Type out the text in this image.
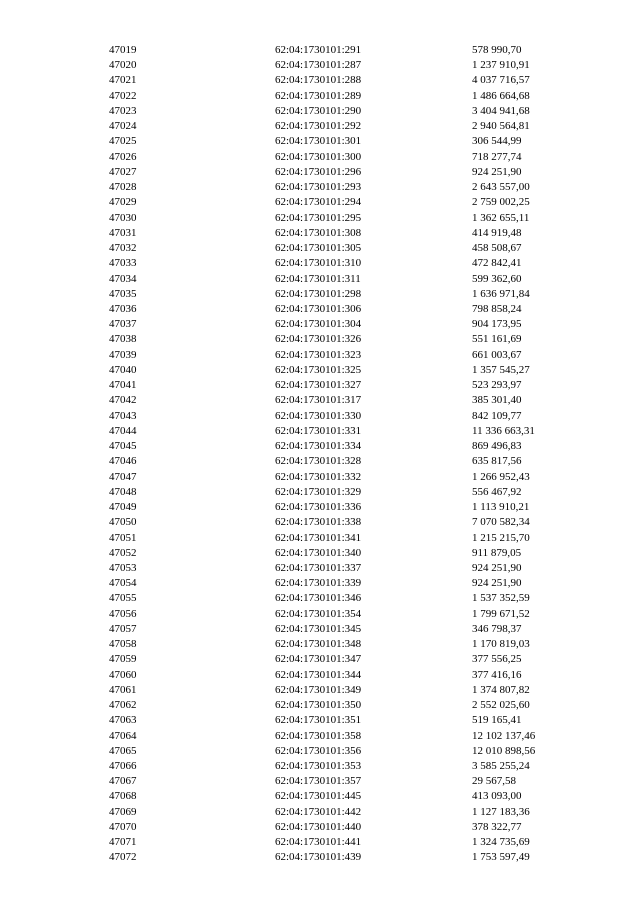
47019	62:04:1730101:291	578 990,70
47020	62:04:1730101:287	1 237 910,91
47021	62:04:1730101:288	4 037 716,57
47022	62:04:1730101:289	1 486 664,68
47023	62:04:1730101:290	3 404 941,68
47024	62:04:1730101:292	2 940 564,81
47025	62:04:1730101:301	306 544,99
47026	62:04:1730101:300	718 277,74
47027	62:04:1730101:296	924 251,90
47028	62:04:1730101:293	2 643 557,00
47029	62:04:1730101:294	2 759 002,25
47030	62:04:1730101:295	1 362 655,11
47031	62:04:1730101:308	414 919,48
47032	62:04:1730101:305	458 508,67
47033	62:04:1730101:310	472 842,41
47034	62:04:1730101:311	599 362,60
47035	62:04:1730101:298	1 636 971,84
47036	62:04:1730101:306	798 858,24
47037	62:04:1730101:304	904 173,95
47038	62:04:1730101:326	551 161,69
47039	62:04:1730101:323	661 003,67
47040	62:04:1730101:325	1 357 545,27
47041	62:04:1730101:327	523 293,97
47042	62:04:1730101:317	385 301,40
47043	62:04:1730101:330	842 109,77
47044	62:04:1730101:331	11 336 663,31
47045	62:04:1730101:334	869 496,83
47046	62:04:1730101:328	635 817,56
47047	62:04:1730101:332	1 266 952,43
47048	62:04:1730101:329	556 467,92
47049	62:04:1730101:336	1 113 910,21
47050	62:04:1730101:338	7 070 582,34
47051	62:04:1730101:341	1 215 215,70
47052	62:04:1730101:340	911 879,05
47053	62:04:1730101:337	924 251,90
47054	62:04:1730101:339	924 251,90
47055	62:04:1730101:346	1 537 352,59
47056	62:04:1730101:354	1 799 671,52
47057	62:04:1730101:345	346 798,37
47058	62:04:1730101:348	1 170 819,03
47059	62:04:1730101:347	377 556,25
47060	62:04:1730101:344	377 416,16
47061	62:04:1730101:349	1 374 807,82
47062	62:04:1730101:350	2 552 025,60
47063	62:04:1730101:351	519 165,41
47064	62:04:1730101:358	12 102 137,46
47065	62:04:1730101:356	12 010 898,56
47066	62:04:1730101:353	3 585 255,24
47067	62:04:1730101:357	29 567,58
47068	62:04:1730101:445	413 093,00
47069	62:04:1730101:442	1 127 183,36
47070	62:04:1730101:440	378 322,77
47071	62:04:1730101:441	1 324 735,69
47072	62:04:1730101:439	1 753 597,49
